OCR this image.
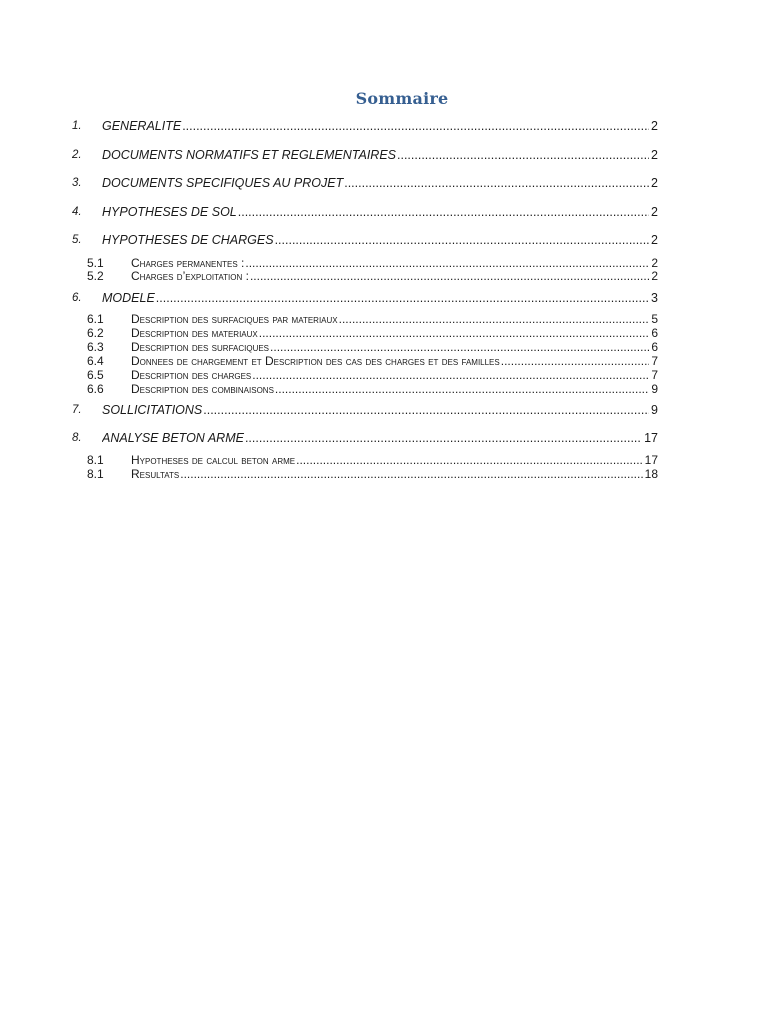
Sommaire
1. GENERALITE .....	2
2. DOCUMENTS NORMATIFS ET REGLEMENTAIRES .....	2
3. DOCUMENTS SPECIFIQUES AU PROJET .....	2
4. HYPOTHESES DE SOL .....	2
5. HYPOTHESES DE CHARGES .....	2
5.1 Charges permanentes : .....	2
5.2 Charges d’exploitation : .....	2
6. MODELE .....	3
6.1 Description des surfaciques par materiaux .....	5
6.2 Description des materiaux .....	6
6.3 Description des surfaciques .....	6
6.4 Donnees de chargement et Description des cas des charges et des familles .....	7
6.5 Description des charges .....	7
6.6 Description des combinaisons .....	9
7. SOLLICITATIONS .....	9
8. ANALYSE BETON ARME .....	17
8.1 Hypotheses de calcul beton arme .....	17
8.1 Resultats .....	18
